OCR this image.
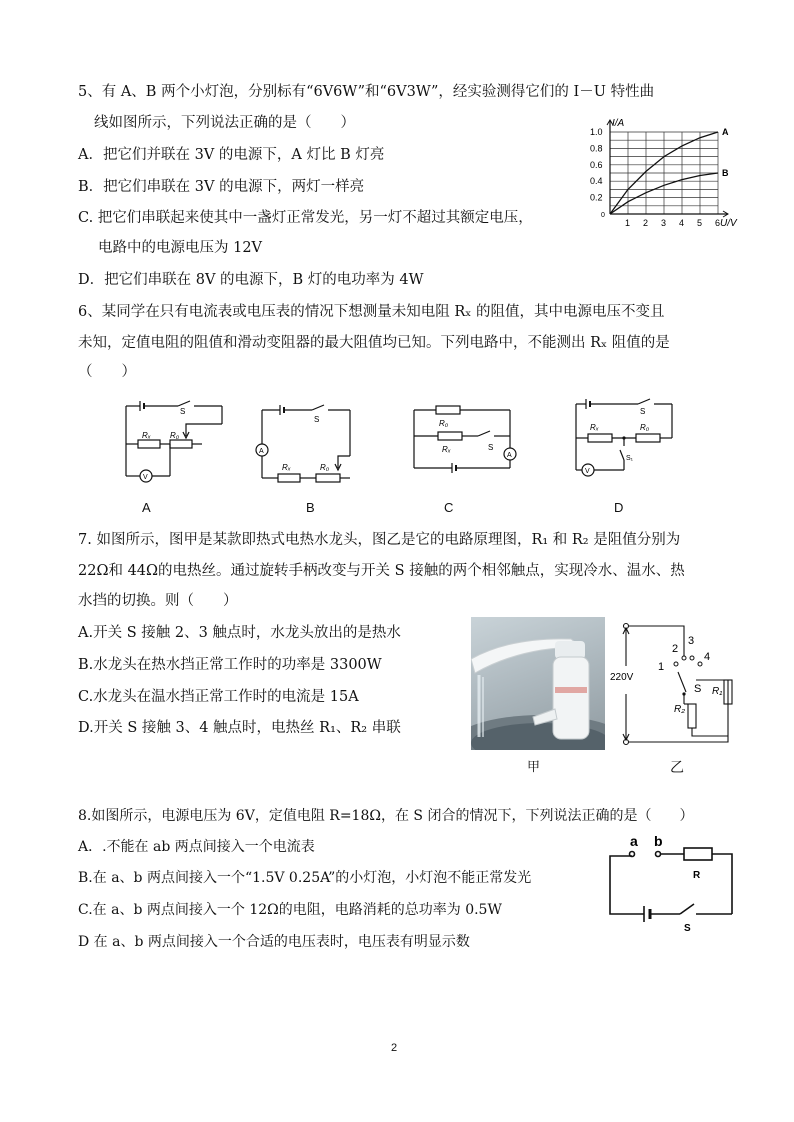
5、有 A、B 两个小灯泡，分别标有“6V6W”和“6V3W”，经实验测得它们的 I－U 特性曲
线如图所示，下列说法正确的是（　　）
A．把它们并联在 3V 的电源下，A 灯比 B 灯亮
B．把它们串联在 3V 的电源下，两灯一样亮
C. 把它们串联起来使其中一盏灯正常发光，另一灯不超过其额定电压，
电路中的电源电压为 12V
D．把它们串联在 8V 的电源下，B 灯的电功率为 4W
A
B
1 2 3 4 5 6
0.2
0.4
0.6
0.8
1.0
0
U/V
I/A
6、某同学在只有电流表或电压表的情况下想测量未知电阻 Rₓ 的阻值，其中电源电压不变且
未知，定值电阻的阻值和滑动变阻器的最大阻值均已知。下列电路中，不能测出 Rₓ 阻值的是
（　　）
S
Rₓ R₀
V
A
S
A
Rₓ	R₀
B
R₀
Rₓ	S
A
C
Rₓ	R₀
S
S₁
V
D
7. 如图所示，图甲是某款即热式电热水龙头，图乙是它的电路原理图，R₁ 和 R₂ 是阻值分别为
22Ω和 44Ω的电热丝。通过旋转手柄改变与开关 S 接触的两个相邻触点，实现冷水、温水、热
水挡的切换。则（　　）
A.开关 S 接触 2、3 触点时，水龙头放出的是热水
B.水龙头在热水挡正常工作时的功率是 3300W
C.水龙头在温水挡正常工作时的电流是 15A
D.开关 S 接触 3、4 触点时，电热丝 R₁、R₂ 串联
甲
220V
1
2
3
4
S R₁
R₂
乙
8.如图所示，电源电压为 6V，定值电阻 R=18Ω，在 S 闭合的情况下，下列说法正确的是（　　）
A．.不能在 ab 两点间接入一个电流表
B.在 a、b 两点间接入一个“1.5V 0.25A”的小灯泡，小灯泡不能正常发光
C.在 a、b 两点间接入一个 12Ω的电阻，电路消耗的总功率为 0.5W
D 在 a、b 两点间接入一个合适的电压表时，电压表有明显示数
a b
R
S
2
